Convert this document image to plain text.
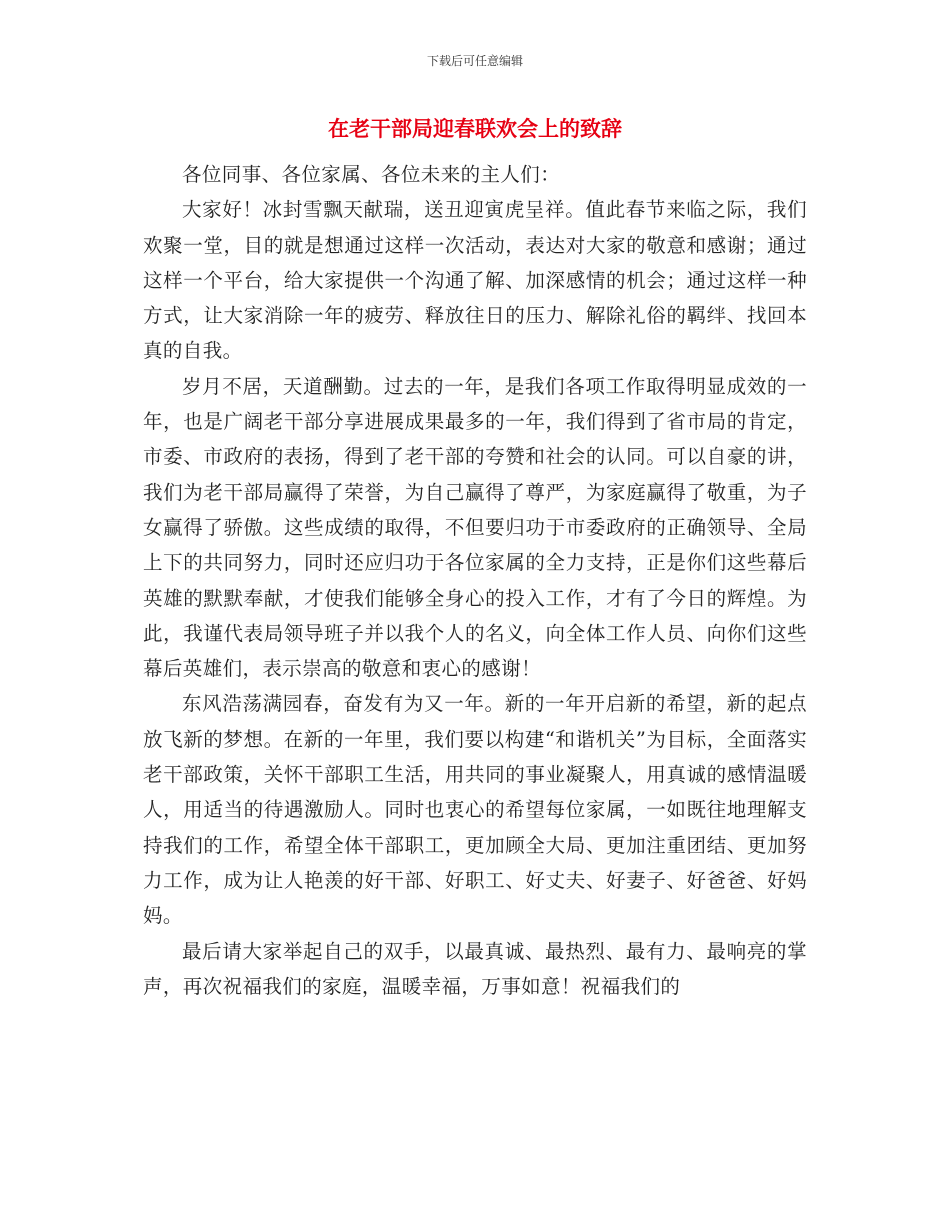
下载后可任意编辑
在老干部局迎春联欢会上的致辞

各位同事、各位家属、各位未来的主人们：

大家好！冰封雪飘天献瑞，送丑迎寅虎呈祥。值此春节来临之际，我们欢聚一堂，目的就是想通过这样一次活动，表达对大家的敬意和感谢；通过这样一个平台，给大家提供一个沟通了解、加深感情的机会；通过这样一种方式，让大家消除一年的疲劳、释放往日的压力、解除礼俗的羁绊、找回本真的自我。

岁月不居，天道酬勤。过去的一年，是我们各项工作取得明显成效的一年，也是广阔老干部分享进展成果最多的一年，我们得到了省市局的肯定，市委、市政府的表扬，得到了老干部的夸赞和社会的认同。可以自豪的讲，我们为老干部局赢得了荣誉，为自己赢得了尊严，为家庭赢得了敬重，为子女赢得了骄傲。这些成绩的取得，不但要归功于市委政府的正确领导、全局上下的共同努力，同时还应归功于各位家属的全力支持，正是你们这些幕后英雄的默默奉献，才使我们能够全身心的投入工作，才有了今日的辉煌。为此，我谨代表局领导班子并以我个人的名义，向全体工作人员、向你们这些幕后英雄们，表示崇高的敬意和衷心的感谢！

东风浩荡满园春，奋发有为又一年。新的一年开启新的希望，新的起点放飞新的梦想。在新的一年里，我们要以构建“和谐机关”为目标，全面落实老干部政策，关怀干部职工生活，用共同的事业凝聚人，用真诚的感情温暖人，用适当的待遇激励人。同时也衷心的希望每位家属，一如既往地理解支持我们的工作，希望全体干部职工，更加顾全大局、更加注重团结、更加努力工作，成为让人艳羡的好干部、好职工、好丈夫、好妻子、好爸爸、好妈妈。

最后请大家举起自己的双手，以最真诚、最热烈、最有力、最响亮的掌声，再次祝福我们的家庭，温暖幸福，万事如意！祝福我们的
